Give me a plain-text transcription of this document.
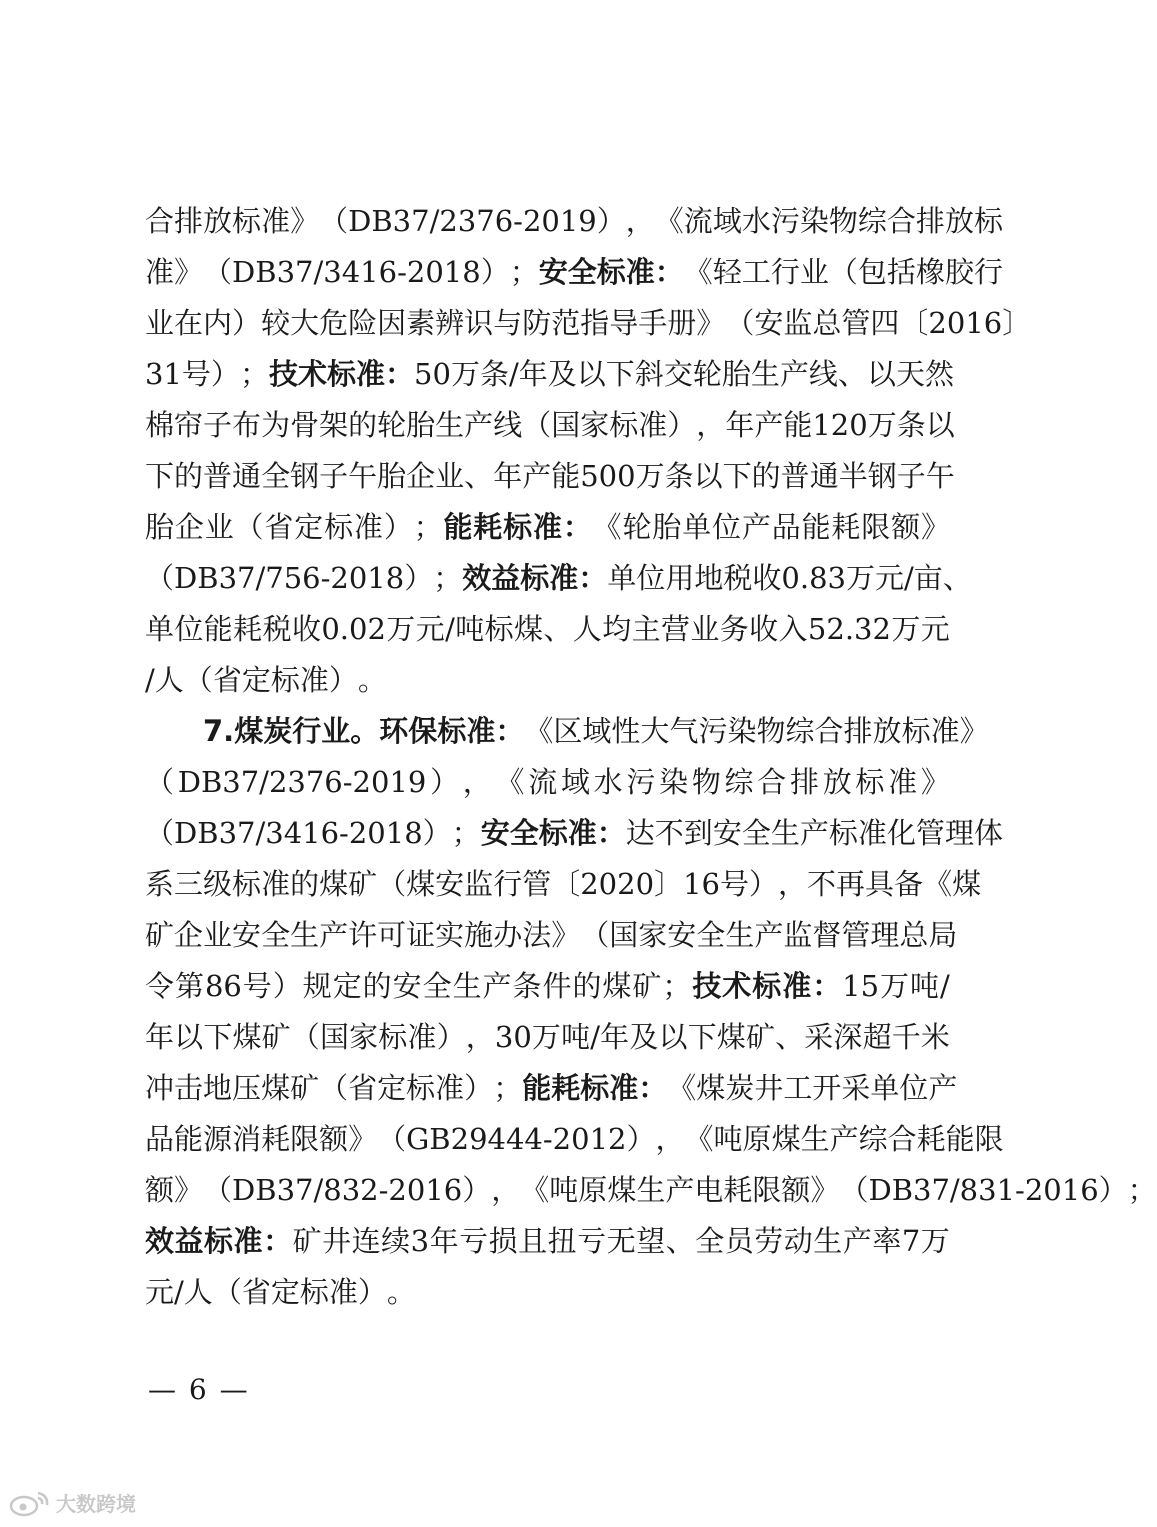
合 排 放 标 准 》 （ DB37/2376-2019 ） ， 《 流 域 水 污 染 物 综 合 排 放 标
准 》 （ DB37/3416-2018 ） ； 安 全 标 准 ： 《 轻 工 行 业 （ 包 括 橡 胶 行
业 在 内 ） 较 大 危 险 因 素 辨 识 与 防 范 指 导 手 册 》 （ 安 监 总 管 四 〔 2016 〕
31 号 ） ； 技 术 标 准 ： 50 万 条 / 年 及 以 下 斜 交 轮 胎 生 产 线 、 以 天 然
棉 帘 子 布 为 骨 架 的 轮 胎 生 产 线 （ 国 家 标 准 ） ， 年 产 能 120 万 条 以
下 的 普 通 全 钢 子 午 胎 企 业 、 年 产 能 500 万 条 以 下 的 普 通 半 钢 子 午
胎 企 业 （ 省 定 标 准 ） ； 能 耗 标 准 ： 《 轮 胎 单 位 产 品 能 耗 限 额 》
（ DB37/756-2018 ） ； 效 益 标 准 ： 单 位 用 地 税 收 0.83 万 元 / 亩 、
单 位 能 耗 税 收 0.02 万 元 / 吨 标 煤 、 人 均 主 营 业 务 收 入 52.32 万 元
/ 人 （ 省 定 标 准 ） 。
7. 煤 炭 行 业 。 环 保 标 准 ： 《 区 域 性 大 气 污 染 物 综 合 排 放 标 准 》
（ DB37/2376-2019 ） ， 《 流 域 水 污 染 物 综 合 排 放 标 准 》
（ DB37/3416-2018 ） ； 安 全 标 准 ： 达 不 到 安 全 生 产 标 准 化 管 理 体
系 三 级 标 准 的 煤 矿 （ 煤 安 监 行 管 〔 2020 〕 16 号 ） ， 不 再 具 备 《 煤
矿 企 业 安 全 生 产 许 可 证 实 施 办 法 》 （ 国 家 安 全 生 产 监 督 管 理 总 局
令 第 86 号 ） 规 定 的 安 全 生 产 条 件 的 煤 矿 ； 技 术 标 准 ： 15 万 吨 /
年 以 下 煤 矿 （ 国 家 标 准 ） ， 30 万 吨 / 年 及 以 下 煤 矿 、 采 深 超 千 米
冲 击 地 压 煤 矿 （ 省 定 标 准 ） ； 能 耗 标 准 ： 《 煤 炭 井 工 开 采 单 位 产
品 能 源 消 耗 限 额 》 （ GB29444-2012 ） ， 《 吨 原 煤 生 产 综 合 耗 能 限
额 》 （ DB37/832-2016 ） ， 《 吨 原 煤 生 产 电 耗 限 额 》 （ DB37/831-2016 ） ；
效 益 标 准 ： 矿 井 连 续 3 年 亏 损 且 扭 亏 无 望 、 全 员 劳 动 生 产 率 7 万
元 / 人 （ 省 定 标 准 ） 。
— 6 —
大数跨境
